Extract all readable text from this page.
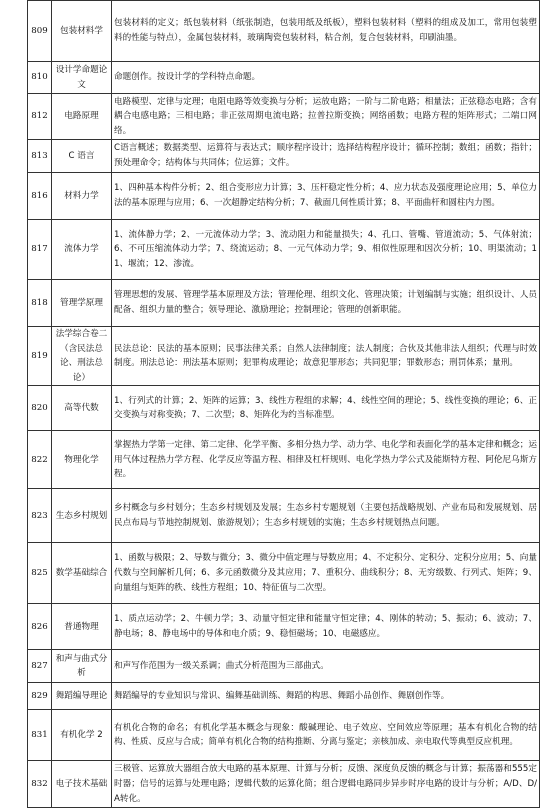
809	包装材料学	包装材料的定义；纸包装材料（纸张制造，包装用纸及纸板），塑料包装材料（塑料的组成及加工，常用包装塑料的性能与特点），金属包装材料，玻璃陶瓷包装材料，粘合剂，复合包装材料，印刷油墨。
810	设计学命题论文	命题创作。按设计学的学科特点命题。
812	电路原理	电路模型、定律与定理；电阻电路等效变换与分析；运放电路；一阶与二阶电路；相量法；正弦稳态电路；含有耦合电感电路；三相电路；非正弦周期电流电路；拉普拉斯变换；网络函数；电路方程的矩阵形式；二端口网络。
813	C 语言	C语言概述；数据类型、运算符与表达式；顺序程序设计；选择结构程序设计；循环控制；数组；函数；指针；预处理命令；结构体与共同体；位运算；文件。
816	材料力学	1、四种基本构件分析；2、组合变形应力计算；3、压杆稳定性分析；4、应力状态及强度理论应用；5、单位力法的基本原理与应用；6、一次超静定结构分析；7、截面几何性质计算；8、平面曲杆和圆柱内力图。
817	流体力学	1、流体静力学；2、一元流体动力学；3、流动阻力和能量损失；4、孔口、管嘴、管道流动；5、气体射流；6、不可压缩流体动力学；7、绕流运动；8、一元气体动力学；9、相似性原理和因次分析；10、明渠流动；11、堰流；12、渗流。
818	管理学原理	管理思想的发展、管理学基本原理及方法；管理伦理、组织文化、管理决策；计划编制与实施；组织设计、人员配备、组织力量的整合；领导理论、激励理论；控制理论；管理的创新职能。
819	法学综合卷二（含民法总论、刑法总论）	民法总论：民法的基本原则；民事法律关系；自然人法律制度；法人制度；合伙及其他非法人组织；代理与时效制度。刑法总论：刑法基本原则；犯罪构成理论；故意犯罪形态；共同犯罪；罪数形态；刑罚体系；量刑。
820	高等代数	1、行列式的计算；2、矩阵的运算；3、线性方程组的求解；4、线性空间的理论；5、线性变换的理论；6、正交变换与对称变换；7、二次型；8、矩阵化为约当标准型。
822	物理化学	掌握热力学第一定律、第二定律、化学平衡、多相分热力学、动力学、电化学和表面化学的基本定律和概念；运用气体过程热力学方程、化学反应等温方程、相律及杠杆规则、电化学热力学公式及能斯特方程、阿伦尼乌斯方程。
823	生态乡村规划	乡村概念与乡村划分；生态乡村规划及发展；生态乡村专题规划（主要包括战略规划、产业布局和发展规划、居民点布局与节地控制规划、旅游规划）；生态乡村规划的实施；生态乡村规划热点问题。
825	数学基础综合	1、函数与极限；2、导数与微分；3、微分中值定理与导数应用；4、不定积分、定积分、定积分应用；5、向量代数与空间解析几何；6、多元函数微分及其应用；7、重积分、曲线积分；8、无穷级数、行列式、矩阵；9、向量组与矩阵的秩、线性方程组；10、特征值与二次型。
826	普通物理	1、质点运动学；2、牛顿力学；3、动量守恒定律和能量守恒定律；4、刚体的转动；5、振动；6、波动；7、静电场；8、静电场中的导体和电介质；9、稳恒磁场；10、电磁感应。
827	和声与曲式分析	和声写作范围为一级关系调；曲式分析范围为三部曲式。
829	舞蹈编导理论	舞蹈编导的专业知识与常识、编舞基础训练、舞蹈的构思、舞蹈小品创作、舞剧创作等。
831	有机化学 2	有机化合物的命名；有机化学基本概念与现象：酸碱理论、电子效应、空间效应等原理；基本有机化合物的结构、性质、反应与合成；简单有机化合物的结构推断、分离与鉴定；亲核加成、亲电取代等典型反应机理。
832	电子技术基础	三极管、运算放大器组合放大电路的基本原理、计算与分析；反馈、深度负反馈的概念与计算；振荡器和555定时器；信号的运算与处理电路；逻辑代数的运算化简；组合逻辑电路同步异步时序电路的设计与分析；A/D、D/A转化。
